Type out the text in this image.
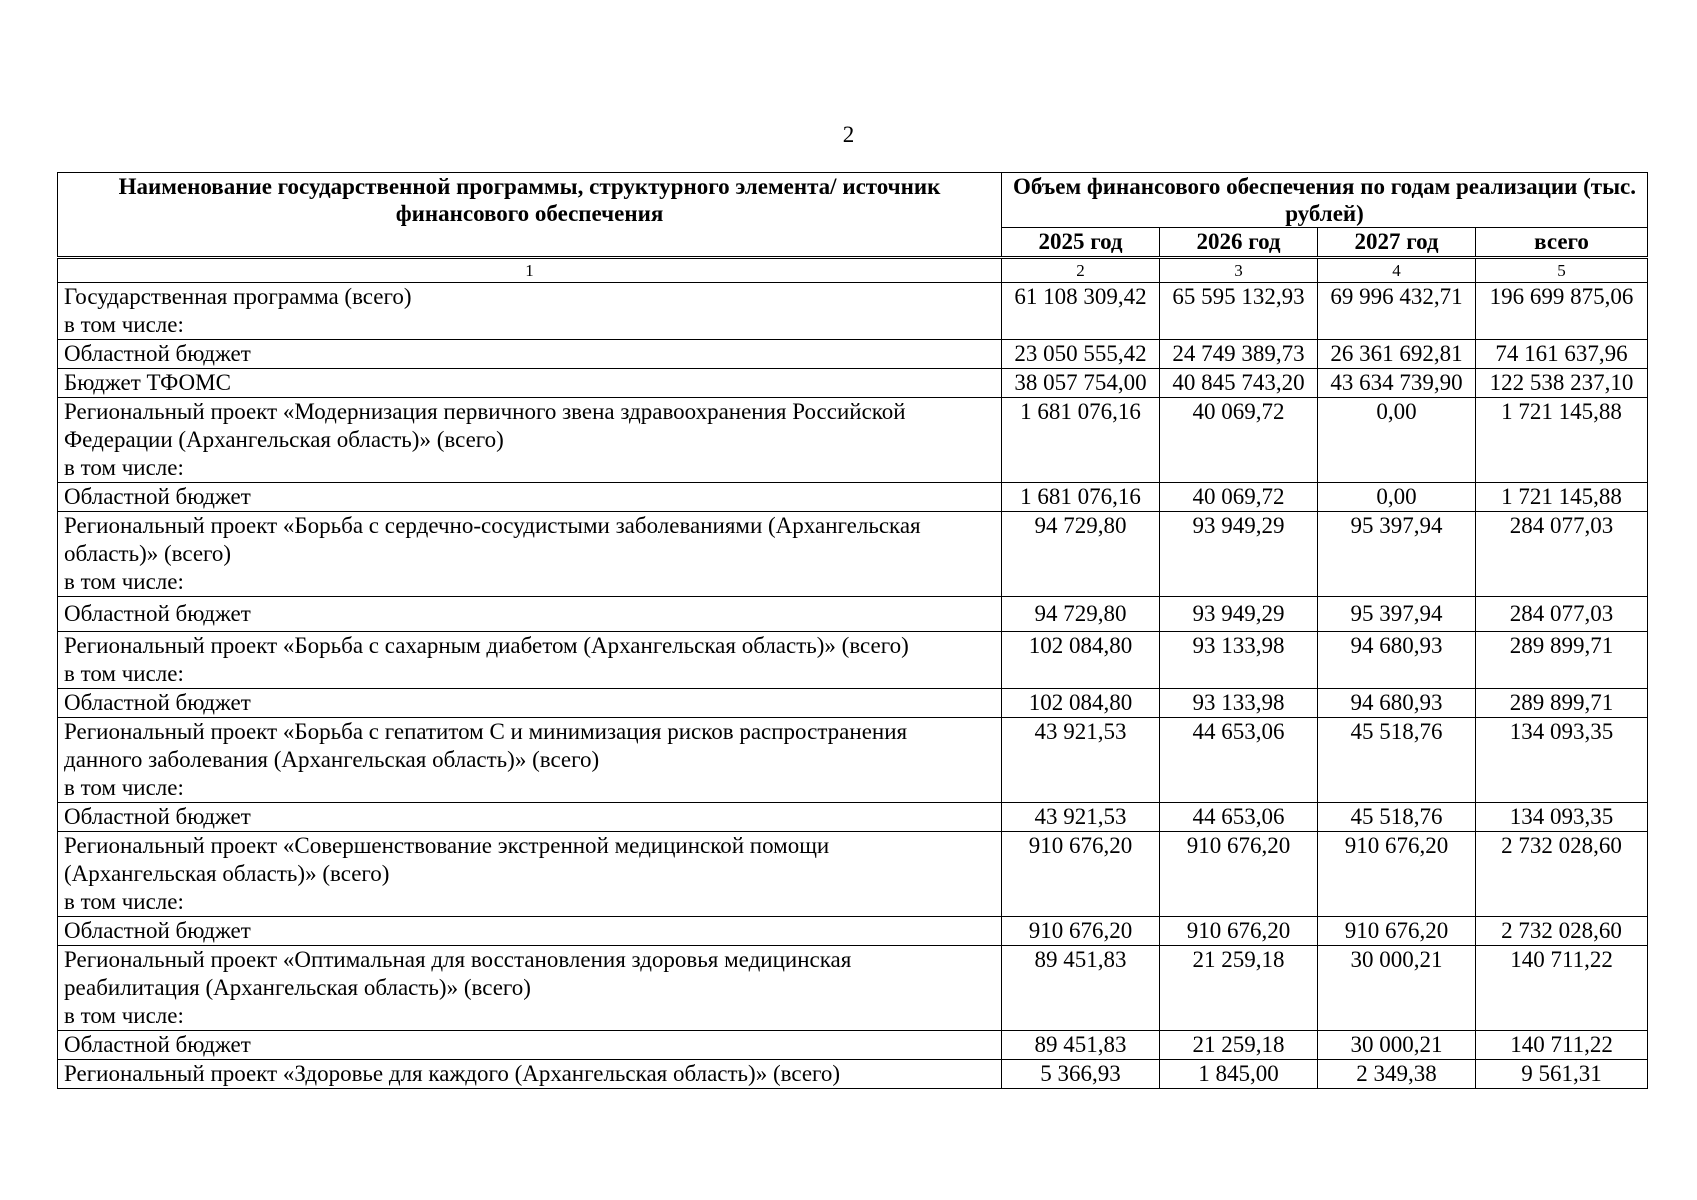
2
Наименование государственной программы, структурного элемента/ источник финансового обеспечения	Объем финансового обеспечения по годам реализации (тыс. рублей)			
	2025 год	2026 год	2027 год	всего

1	2	3	4	5

Государственная программа (всего)
в том числе:	61 108 309,42	65 595 132,93	69 996 432,71	196 699 875,06

Областной бюджет	23 050 555,42	24 749 389,73	26 361 692,81	74 161 637,96

Бюджет ТФОМС	38 057 754,00	40 845 743,20	43 634 739,90	122 538 237,10

Региональный проект «Модернизация первичного звена здравоохранения Российской
Федерации (Архангельская область)» (всего)
в том числе:	1 681 076,16	40 069,72	0,00	1 721 145,88

Областной бюджет	1 681 076,16	40 069,72	0,00	1 721 145,88

Региональный проект «Борьба с сердечно-сосудистыми заболеваниями (Архангельская
область)» (всего)
в том числе:	94 729,80	93 949,29	95 397,94	284 077,03

Областной бюджет	94 729,80	93 949,29	95 397,94	284 077,03

Региональный проект «Борьба с сахарным диабетом (Архангельская область)» (всего)
в том числе:	102 084,80	93 133,98	94 680,93	289 899,71

Областной бюджет	102 084,80	93 133,98	94 680,93	289 899,71

Региональный проект «Борьба с гепатитом С и минимизация рисков распространения
данного заболевания (Архангельская область)» (всего)
в том числе:	43 921,53	44 653,06	45 518,76	134 093,35

Областной бюджет	43 921,53	44 653,06	45 518,76	134 093,35

Региональный проект «Совершенствование экстренной медицинской помощи
(Архангельская область)» (всего)
в том числе:	910 676,20	910 676,20	910 676,20	2 732 028,60

Областной бюджет	910 676,20	910 676,20	910 676,20	2 732 028,60

Региональный проект «Оптимальная для восстановления здоровья медицинская
реабилитация (Архангельская область)» (всего)
в том числе:	89 451,83	21 259,18	30 000,21	140 711,22

Областной бюджет	89 451,83	21 259,18	30 000,21	140 711,22

Региональный проект «Здоровье для каждого (Архангельская область)» (всего)	5 366,93	1 845,00	2 349,38	9 561,31
